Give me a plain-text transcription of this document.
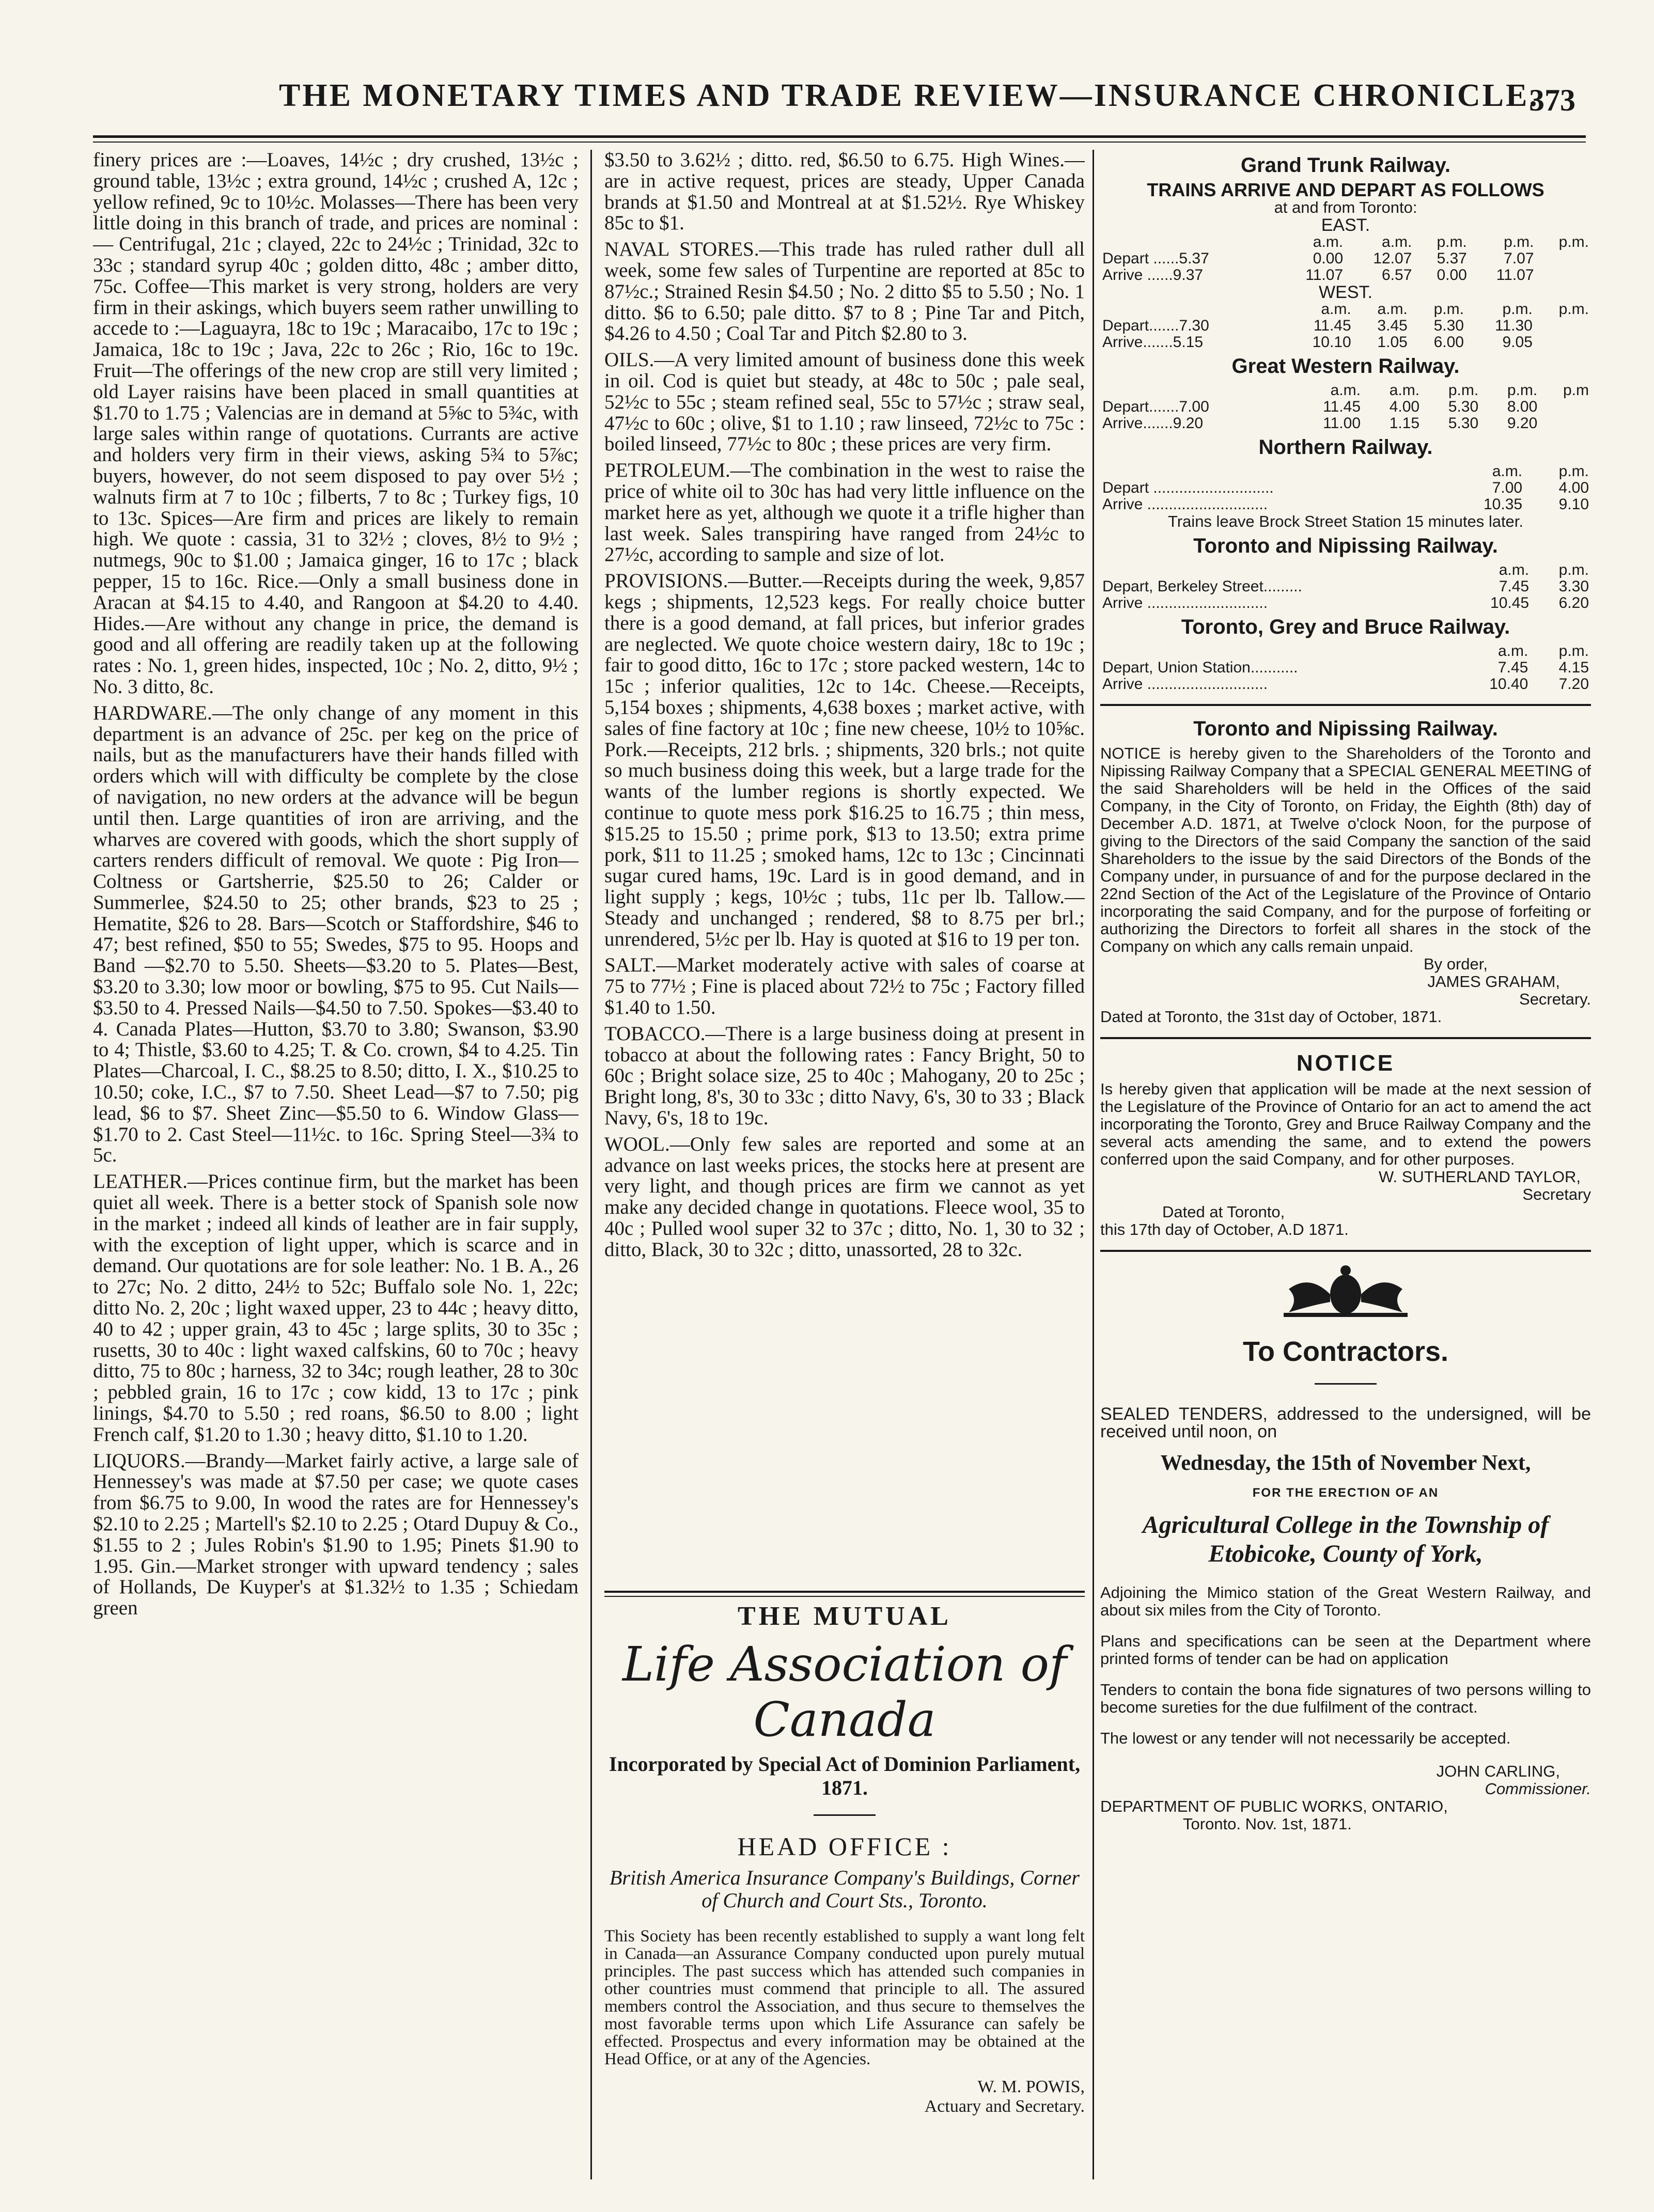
THE MONETARY TIMES AND TRADE REVIEW—INSURANCE CHRONICLE.
373

finery prices are :—Loaves, 14½c ; dry crushed, 13½c ; ground table, 13½c ; extra ground, 14½c ; crushed A, 12c ; yellow refined, 9c to 10½c. Molasses—There has been very little doing in this branch of trade, and prices are nominal :— Centrifugal, 21c ; clayed, 22c to 24½c ; Trinidad, 32c to 33c ; standard syrup 40c ; golden ditto, 48c ; amber ditto, 75c. Coffee—This market is very strong, holders are very firm in their askings, which buyers seem rather unwilling to accede to :—Laguayra, 18c to 19c ; Maracaibo, 17c to 19c ; Jamaica, 18c to 19c ; Java, 22c to 26c ; Rio, 16c to 19c. Fruit—The offerings of the new crop are still very limited ; old Layer raisins have been placed in small quantities at $1.70 to 1.75 ; Valencias are in demand at 5⅝c to 5¾c, with large sales within range of quotations. Currants are active and holders very firm in their views, asking 5¾ to 5⅞c; buyers, however, do not seem disposed to pay over 5½ ; walnuts firm at 7 to 10c ; filberts, 7 to 8c ; Turkey figs, 10 to 13c. Spices—Are firm and prices are likely to remain high. We quote : cassia, 31 to 32½ ; cloves, 8½ to 9½ ; nutmegs, 90c to $1.00 ; Jamaica ginger, 16 to 17c ; black pepper, 15 to 16c. Rice.—Only a small business done in Aracan at $4.15 to 4.40, and Rangoon at $4.20 to 4.40. Hides.—Are without any change in price, the demand is good and all offering are readily taken up at the following rates : No. 1, green hides, inspected, 10c ; No. 2, ditto, 9½ ; No. 3 ditto, 8c.

HARDWARE.—The only change of any moment in this department is an advance of 25c. per keg on the price of nails, but as the manufacturers have their hands filled with orders which will with difficulty be complete by the close of navigation, no new orders at the advance will be begun until then. Large quantities of iron are arriving, and the wharves are covered with goods, which the short supply of carters renders difficult of removal. We quote : Pig Iron—Coltness or Gartsherrie, $25.50 to 26; Calder or Summerlee, $24.50 to 25; other brands, $23 to 25 ; Hematite, $26 to 28. Bars—Scotch or Staffordshire, $46 to 47; best refined, $50 to 55; Swedes, $75 to 95. Hoops and Band —$2.70 to 5.50. Sheets—$3.20 to 5. Plates—Best, $3.20 to 3.30; low moor or bowling, $75 to 95. Cut Nails—$3.50 to 4. Pressed Nails—$4.50 to 7.50. Spokes—$3.40 to 4. Canada Plates—Hutton, $3.70 to 3.80; Swanson, $3.90 to 4; Thistle, $3.60 to 4.25; T. & Co. crown, $4 to 4.25. Tin Plates—Charcoal, I. C., $8.25 to 8.50; ditto, I. X., $10.25 to 10.50; coke, I.C., $7 to 7.50. Sheet Lead—$7 to 7.50; pig lead, $6 to $7. Sheet Zinc—$5.50 to 6. Window Glass—$1.70 to 2. Cast Steel—11½c. to 16c. Spring Steel—3¾ to 5c.

LEATHER.—Prices continue firm, but the market has been quiet all week. There is a better stock of Spanish sole now in the market ; indeed all kinds of leather are in fair supply, with the exception of light upper, which is scarce and in demand. Our quotations are for sole leather: No. 1 B. A., 26 to 27c; No. 2 ditto, 24½ to 52c; Buffalo sole No. 1, 22c; ditto No. 2, 20c ; light waxed upper, 23 to 44c ; heavy ditto, 40 to 42 ; upper grain, 43 to 45c ; large splits, 30 to 35c ; rusetts, 30 to 40c : light waxed calfskins, 60 to 70c ; heavy ditto, 75 to 80c ; harness, 32 to 34c; rough leather, 28 to 30c ; pebbled grain, 16 to 17c ; cow kidd, 13 to 17c ; pink linings, $4.70 to 5.50 ; red roans, $6.50 to 8.00 ; light French calf, $1.20 to 1.30 ; heavy ditto, $1.10 to 1.20.

LIQUORS.—Brandy—Market fairly active, a large sale of Hennessey's was made at $7.50 per case; we quote cases from $6.75 to 9.00, In wood the rates are for Hennessey's $2.10 to 2.25 ; Martell's $2.10 to 2.25 ; Otard Dupuy & Co., $1.55 to 2 ; Jules Robin's $1.90 to 1.95; Pinets $1.90 to 1.95. Gin.—Market stronger with upward tendency ; sales of Hollands, De Kuyper's at $1.32½ to 1.35 ; Schiedam green

$3.50 to 3.62½ ; ditto. red, $6.50 to 6.75. High Wines.—are in active request, prices are steady, Upper Canada brands at $1.50 and Montreal at at $1.52½. Rye Whiskey 85c to $1.

NAVAL STORES.—This trade has ruled rather dull all week, some few sales of Turpentine are reported at 85c to 87½c.; Strained Resin $4.50 ; No. 2 ditto $5 to 5.50 ; No. 1 ditto. $6 to 6.50; pale ditto. $7 to 8 ; Pine Tar and Pitch, $4.26 to 4.50 ; Coal Tar and Pitch $2.80 to 3.

OILS.—A very limited amount of business done this week in oil. Cod is quiet but steady, at 48c to 50c ; pale seal, 52½c to 55c ; steam refined seal, 55c to 57½c ; straw seal, 47½c to 60c ; olive, $1 to 1.10 ; raw linseed, 72½c to 75c : boiled linseed, 77½c to 80c ; these prices are very firm.

PETROLEUM.—The combination in the west to raise the price of white oil to 30c has had very little influence on the market here as yet, although we quote it a trifle higher than last week. Sales transpiring have ranged from 24½c to 27½c, according to sample and size of lot.

PROVISIONS.—Butter.—Receipts during the week, 9,857 kegs ; shipments, 12,523 kegs. For really choice butter there is a good demand, at fall prices, but inferior grades are neglected. We quote choice western dairy, 18c to 19c ; fair to good ditto, 16c to 17c ; store packed western, 14c to 15c ; inferior qualities, 12c to 14c. Cheese.—Receipts, 5,154 boxes ; shipments, 4,638 boxes ; market active, with sales of fine factory at 10c ; fine new cheese, 10½ to 10⅝c. Pork.—Receipts, 212 brls. ; shipments, 320 brls.; not quite so much business doing this week, but a large trade for the wants of the lumber regions is shortly expected. We continue to quote mess pork $16.25 to 16.75 ; thin mess, $15.25 to 15.50 ; prime pork, $13 to 13.50; extra prime pork, $11 to 11.25 ; smoked hams, 12c to 13c ; Cincinnati sugar cured hams, 19c. Lard is in good demand, and in light supply ; kegs, 10½c ; tubs, 11c per lb. Tallow.—Steady and unchanged ; rendered, $8 to 8.75 per brl.; unrendered, 5½c per lb. Hay is quoted at $16 to 19 per ton.

SALT.—Market moderately active with sales of coarse at 75 to 77½ ; Fine is placed about 72½ to 75c ; Factory filled $1.40 to 1.50.

TOBACCO.—There is a large business doing at present in tobacco at about the following rates : Fancy Bright, 50 to 60c ; Bright solace size, 25 to 40c ; Mahogany, 20 to 25c ; Bright long, 8's, 30 to 33c ; ditto Navy, 6's, 30 to 33 ; Black Navy, 6's, 18 to 19c.

WOOL.—Only few sales are reported and some at an advance on last weeks prices, the stocks here at present are very light, and though prices are firm we cannot as yet make any decided change in quotations. Fleece wool, 35 to 40c ; Pulled wool super 32 to 37c ; ditto, No. 1, 30 to 32 ; ditto, Black, 30 to 32c ; ditto, unassorted, 28 to 32c.

THE MUTUAL
Life Association of Canada
Incorporated by Special Act of Dominion Parliament, 1871.
HEAD OFFICE :
British America Insurance Company's Buildings, Corner of Church and Court Sts., Toronto.
This Society has been recently established to supply a want long felt in Canada—an Assurance Company conducted upon purely mutual principles. The past success which has attended such companies in other countries must commend that principle to all. The assured members control the Association, and thus secure to themselves the most favorable terms upon which Life Assurance can safely be effected. Prospectus and every information may be obtained at the Head Office, or at any of the Agencies.
W. M. POWIS,
Actuary and Secretary.
Grand Trunk Railway.
TRAINS ARRIVE AND DEPART AS FOLLOWS
at and from Toronto:
EAST.
	a.m.	a.m.	p.m.	p.m.	p.m.
Depart ......5.37	0.00	12.07	5.37	7.07	
Arrive ......9.37	11.07	6.57	0.00	11.07	
WEST.
	a.m.	a.m.	p.m.	p.m.	p.m.
Depart.......7.30	11.45	3.45	5.30	11.30	
Arrive.......5.15	10.10	1.05	6.00	9.05	
Great Western Railway.
	a.m.	a.m.	p.m.	p.m.	p.m
Depart.......7.00	11.45	4.00	5.30	8.00	
Arrive.......9.20	11.00	1.15	5.30	9.20	
Northern Railway.
	a.m.	p.m.
Depart ............................	7.00	4.00
Arrive ............................	10.35	9.10
Trains leave Brock Street Station 15 minutes later.
Toronto and Nipissing Railway.
	a.m.	p.m.
Depart, Berkeley Street.........	7.45	3.30
Arrive ............................	10.45	6.20
Toronto, Grey and Bruce Railway.
	a.m.	p.m.
Depart, Union Station...........	7.45	4.15
Arrive ............................	10.40	7.20
Toronto and Nipissing Railway.
NOTICE is hereby given to the Shareholders of the Toronto and Nipissing Railway Company that a SPECIAL GENERAL MEETING of the said Shareholders will be held in the Offices of the said Company, in the City of Toronto, on Friday, the Eighth (8th) day of December A.D. 1871, at Twelve o'clock Noon, for the purpose of giving to the Directors of the said Company the sanction of the said Shareholders to the issue by the said Directors of the Bonds of the Company under, in pursuance of and for the purpose declared in the 22nd Section of the Act of the Legislature of the Province of Ontario incorporating the said Company, and for the purpose of forfeiting or authorizing the Directors to forfeit all shares in the stock of the Company on which any calls remain unpaid.
By order,
JAMES GRAHAM,
Secretary.
Dated at Toronto, the 31st day of October, 1871.
NOTICE
Is hereby given that application will be made at the next session of the Legislature of the Province of Ontario for an act to amend the act incorporating the Toronto, Grey and Bruce Railway Company and the several acts amending the same, and to extend the powers conferred upon the said Company, and for other purposes.
W. SUTHERLAND TAYLOR,
Secretary
Dated at Toronto,
this 17th day of October, A.D 1871.
To Contractors.
SEALED TENDERS, addressed to the undersigned, will be received until noon, on
Wednesday, the 15th of November Next,
FOR THE ERECTION OF AN
Agricultural College in the Township of Etobicoke, County of York,
Adjoining the Mimico station of the Great Western Railway, and about six miles from the City of Toronto.
Plans and specifications can be seen at the Department where printed forms of tender can be had on application
Tenders to contain the bona fide signatures of two persons willing to become sureties for the due fulfilment of the contract.
The lowest or any tender will not necessarily be accepted.
JOHN CARLING,
Commissioner.
DEPARTMENT OF PUBLIC WORKS, ONTARIO,
Toronto. Nov. 1st, 1871.
